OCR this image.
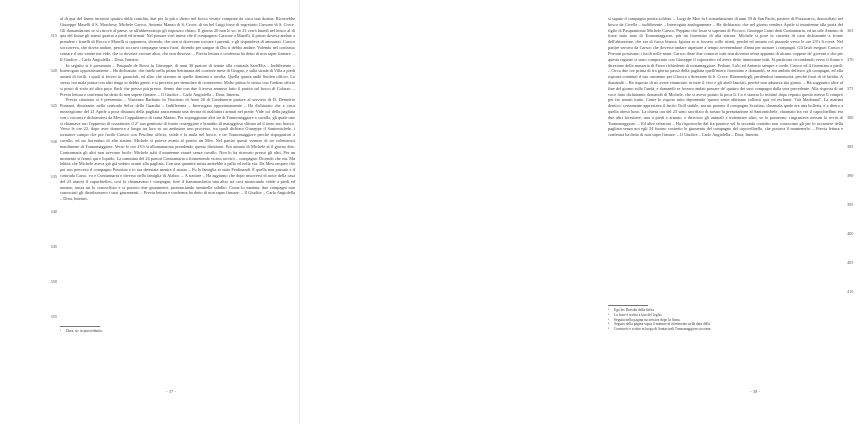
315
320
325
330
335
340
345
350
355

al di qua del fiume incontrò quattro della contrâta, due per lo più e dietro nel bosco vestite comprate da circa una dozina. Ricorrebbe Giuseppe Maselli il S. Marchese, Michele Carsco, Antonio Manzo di S. Croce, di un bel Luigi fosse di segretario Carsono di S. Croce. Gli domandarono se si ritrovò al paese, se all'abbeveratojo gli risposero chiaro. Il giorno 20 non lo so; io 21 verrò lunedì nel bosco al di qua del fiume gli siamo quattro a piedi ed armati. Nel passare così intese che il compagnoo Carsone a Maselli, il primo doveva andare a prendere i fratelli di Rocca e Maselli si opponeva, dicendo, che non si dovevano toccare i parenti, e gli rispondeva di ammazzi. Carsco soccorreva, che dovea andare, perciò toccava compagno senza fuori, dicendo per sangue di Dio ti debbo andare. Volendo nel contrasto contare il suo ventre me vide, che io dovesse cercare altro, che non dovesse. – Previa lettura e conferma ha detto di non saper firmare. – Il Giudice – Carlo Angiolella – Dora, Interim.

In seguito si è presentato – Pasquale de Rossi fu Giuseppe, di anni 30 partore di tenute alla contrada Sant'Elia – Indifferente – Interrogato oppositivamente – Ha dichiarato: che tutelò nella prima Settimana del corrente mese di Giugno, e sulla strada di Villa a piedi armati di fucili, i quali si fecero io guanciali, ed altro che stavano in quello domiani a tavolta. Quella quarta andò Sorden officio. Lo stesso ora mala prima con altri tengo io debbo gente, e si provava per stentolare di contravenir. Molto prima lo stesso con l'ordine officio si posto di sotto ad altra poco flach che presso più presso. Senno due con due li aveva ammiso fatto il partito sul bosco di Colasso. – Previa lettura e conferma ha detto di non sapere firmare. – Il Giudice – Carlo Angiolella – Dora, Interim.

Previa citazione si è presentato – Vincenzo Barbatto fu Vincenzo di Anni 20 di Carabinerie partore al servizio di D. Demetrio Ponzani, dimorante nella contrada Selva della Guardia – Indifferente – Interrogato opportunamente – Ha dichiarato che a circa mezzogiorno del 21 Aprile a poca distanza della pagliata anzicennata una decina di malfattori armati nel piede. Vide col della pagliata con i circonti e dichiaratosi da Mesci Cappabianco di conta Matteo. Poi sopraggiunse altri tre di Tonnomaggiore a cavallo, gli quale uno si chiamava suo l'appresso di cozzaturia; il 2° suo genitorio di fronte costeggiare e brandito di mataggioso slittino ad il terzo suo brasco. Verso le ore 22, dopo aver domovra a lungo tra loro su un ambatore uno processo, tra quali dichiara Giuseppe il Santomichele, i tornatore campo che poi fucilò Carsco con Pesclino officio, vidde e la mula nel bosco, e tre Tonnomaggiore perché rispognatori a cavallo, ed un fiorentino di alta statura. Michele si poteva avanti al partito un Meo. Nel partire questi vinnero di tre volenterosi nondimeno di Tonnomaggiore. Verso le ore 23½ si allontanarono prendendo questo direzione. Era armato di Michele al il giorno dito, Contramaria gli altri non avevano fucile. Michele subì il mantenne viaurè senza cavallo. Non lo ha ritrovato presso gli altri. Per un momento si fermò qui e liquido. La cammina del 24 partori Contramaria a fromettendo vicino servirò – compagno. Dicendo che era. Ma lebbia che Michele aveva già già seduto avanti alla pagliata. Con una quantità mista andrebbe a palla ed nella via. Da Mesi nequeo che poi suo percorso il compagno Pourrino e io ora detestate mentre il nostro – Fu la famiglia ai stato Ferdinandi. E quella non passato e il contrada Carso, vo e Contramaria e diverso nella famiglia di Alabro. – A trattore – Ha aggiunto che dopo muoversi di notte della casa del 23 aiutori il capuchielleo, così lo chiamavano i compagni, fosè il fiammarchetto una altro tra così rimarcando vidde a piedi ed armato, senza un lo conoscliuto e si porsero due giuramenti, pronunciando sentinelle sabdito. Come lo mattina, due compagni non conosciuti gli distribuissero i suoi giuramenti. – Previa lettura e conferma ha detto di non saper firmare. – Il Giudice – Carlo Angiolella – Dora, Interim.

¹ Dora, sic in praecedentia.
- 37 -
365
370
375
380
385
390
395
400
405
410

si saputo il compagno poteta soldato. – Luigi de Meo fu Leonardantonio di anni 39 di San Paolo, pastore di Pozzacarco, domiciliato nel bosco da Civelle – indifferente – Interrogato analogamente – Ha dichiarato: che nel giorno venders Aprile si intrattenne alla porta del figlio di Pasquantonio Michele Carsco, Peppino che fosse si sapeano di Piccoro, Giuseppe Lomi detti Contramaria, ed un tale Antonio di fosse stato nato di Tonnomaggiore, più un fiorentino di alta statura. Michele si pose la cassetta di casa dichiarante a fronte dell'abitazione, che era di fuoco bianca. Ignora se si fossero collo ritinti, perché ed armato col piazzale verso le ore 23½ lì rovrà. Nel partire serrava da Carsco che dovesse andare aspettare a tempo avvenendone d'anni per turnare i compagni. Gli lasiò eseguei Carsco e Pirronti portavano i fucili nelle mani. Carsco disse due comacio tutti non dovemo avere appunto di alcuno coppere de' giovani e che per questa ragione si sono comportato con Giuseppe il caposeritto ed avere detto immontare tutti. Si partirono circondando verso il fiume e direzione della masseria di Fizzo richiedenti di tornamaggiore. Pedone, Lolo ed Antonio sempre e credè, Carsco ed il fiorentino a piedi. – Circa due ore prima di fra giorno passò della pagliata quelli'intero fiorentino e domandò, se era ambito deliesco gli compagni, ed alla risposta continuò il suo cammino per il bosco a direzione di S. Croce. Ritenendogli, perdendosi immaturità, perché fuori di sé fatidia. A domandò – Ha risposto di no avere rinunciato in tutte il vivo e gli atteli lanciati, perché non adunava tita giusto. – Ha soggiunto oltre al fine del giorno sullo l'anda, e domandò se fossero andati passare de' quattro dei suoi compagni dalla sera precedente. Alla risposta di un voce fatto dichiarante domandò di Michele, che si aveva potuto la poca lì. Lo è stasera lo trottinò dopo reparto questo messo lì comprò per far amarti tratto. Come lo rispose tutto deponendo 'questo sente abitiamo volliero qua' ed esclamò: 'Già Madonna!'. La mattina dentico: certamente apprestava il fuciio Tioll stabile, ma un parente il compagno Scortino, cheamala quale era una bolletta, e a dietro a quella obeso boso. La chiesa ora del 23 sono sacrifizio di nostro la prenotazione al Santomichele, chiamato fra voi il capochiellino era due altri forestiere, uno a piedi e armato, e directors gli animali e trottentare altro, se lo portarono, ringraziava nessun lo rovrà di Tonnomaggiore. – Ed altre relazioni – Ha rispostoche dal fra paraece vel la seconda contrâto non conoscimo gli per lo accamese della pagliata senza noi egli 24 furono costretto le giumento del compagno del capocellaello, che portava il mantenerlo. – Previa lettura e conferma ha detto di non saper firmare. – Il Giudice – Carlo Angiolella – Dora, Interim.

¹ Ego les Dorsilia della Selva
² La frase è scritta a lato del foglio.
³ Seguita nella pagina successiva dopo la firma.
⁴ Seguito nella pagina sopra il nomine di riferimento nella data della.
⁵ Contravio e scritto in luogo di Santaccarli Tonnomaggiore siccome.
- 38 -
